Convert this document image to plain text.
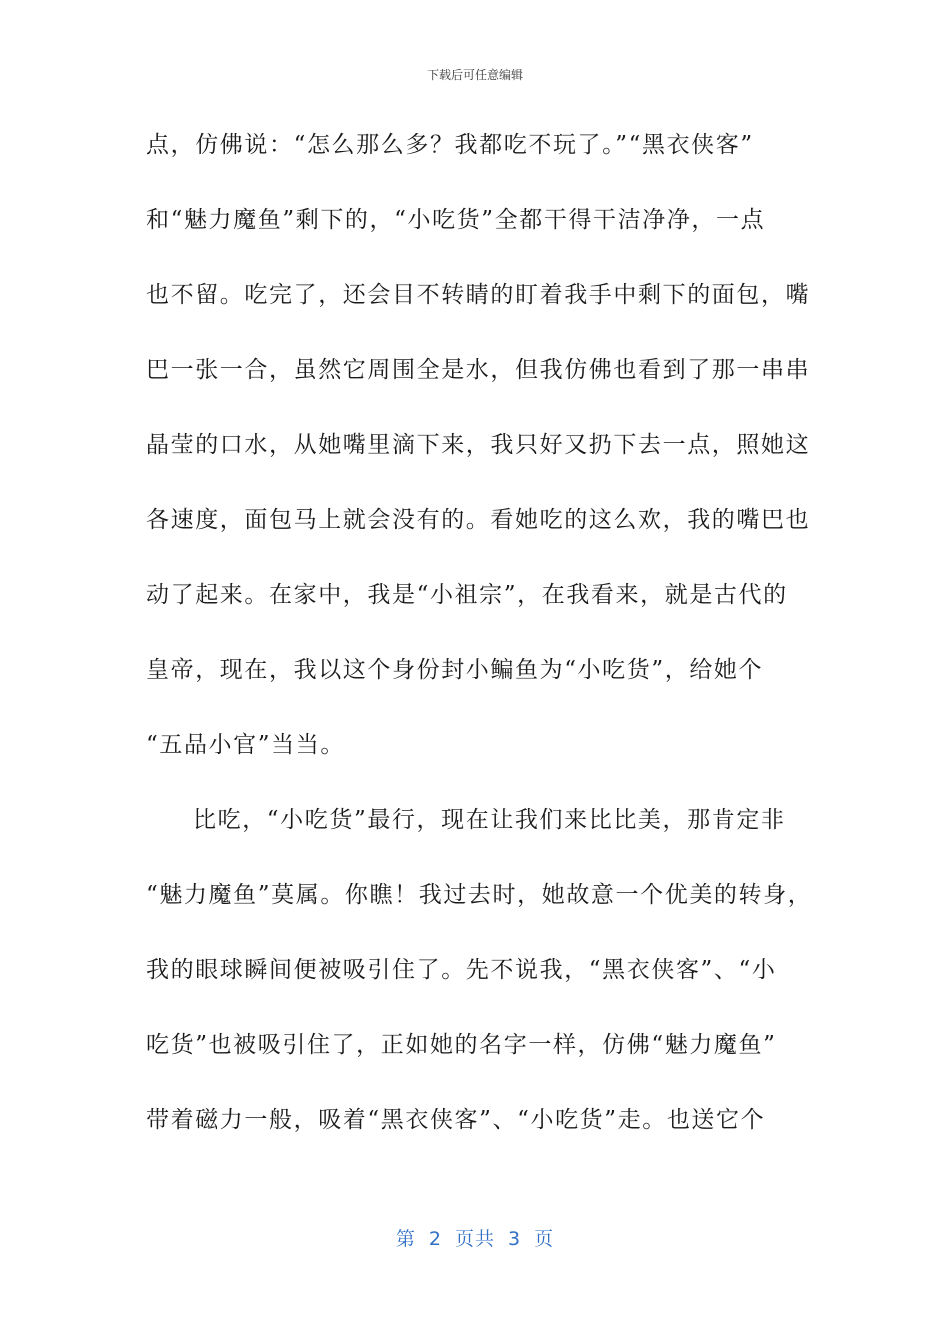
下载后可任意编辑
点，仿佛说：“怎么那么多？我都吃不玩了。”“黑衣侠客”
和“魅力魔鱼”剩下的，“小吃货”全都干得干洁净净，一点
也不留。吃完了，还会目不转睛的盯着我手中剩下的面包，嘴
巴一张一合，虽然它周围全是水，但我仿佛也看到了那一串串
晶莹的口水，从她嘴里滴下来，我只好又扔下去一点，照她这
各速度，面包马上就会没有的。看她吃的这么欢，我的嘴巴也
动了起来。在家中，我是“小祖宗”，在我看来，就是古代的
皇帝，现在，我以这个身份封小鳊鱼为“小吃货”，给她个
“五品小官”当当。
比吃，“小吃货”最行，现在让我们来比比美，那肯定非
“魅力魔鱼”莫属。你瞧！我过去时，她故意一个优美的转身，
我的眼球瞬间便被吸引住了。先不说我，“黑衣侠客”、“小
吃货”也被吸引住了，正如她的名字一样，仿佛“魅力魔鱼”
带着磁力一般，吸着“黑衣侠客”、“小吃货”走。也送它个
第 2 页共 3 页
